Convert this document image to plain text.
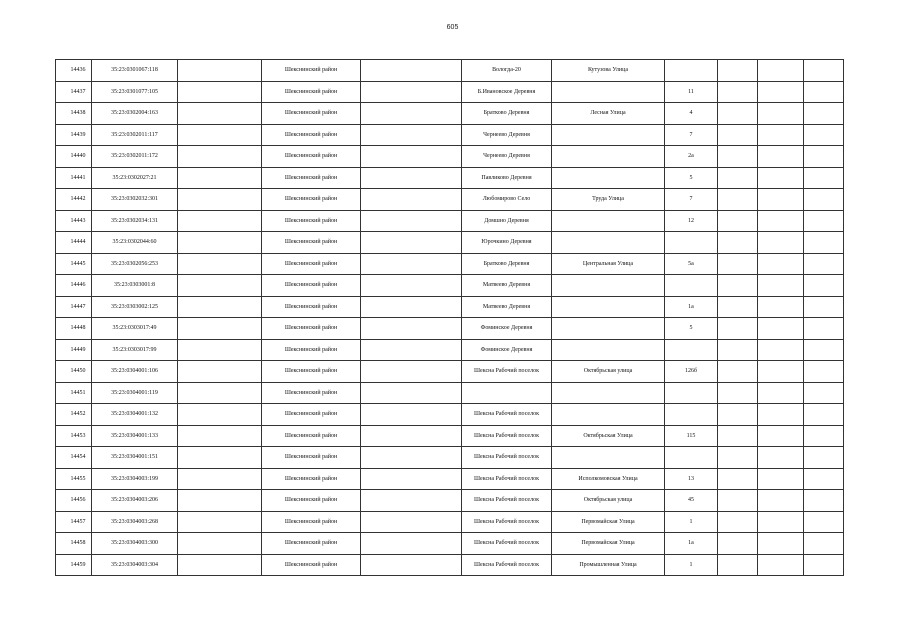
605
14436	35:23:0301067:118		Шекснинский район		Вологда-20	Кутузова Улица				
14437	35:23:0301077:105		Шекснинский район		Б.Ивановское Деревня		11			
14438	35:23:0302004:163		Шекснинский район		Братково Деревня	Лесная Улица	4			
14439	35:23:0302011:117		Шекснинский район		Чернеево Деревня		7			
14440	35:23:0302011:172		Шекснинский район		Чернеево Деревня		2а			
14441	35:23:0302027:21		Шекснинский район		Павликово Деревня		5			
14442	35:23:0302032:301		Шекснинский район		Любомирово Село	Труда Улица	7			
14443	35:23:0302034:131		Шекснинский район		Домшно Деревня		12			
14444	35:23:0302044:60		Шекснинский район		Юрочкино Деревня					
14445	35:23:0302056:253		Шекснинский район		Братково Деревня	Центральная Улица	5а			
14446	35:23:0303001:8		Шекснинский район		Матвеево Деревня					
14447	35:23:0303002:125		Шекснинский район		Матвеево Деревня		1а			
14448	35:23:0303017:49		Шекснинский район		Фоминское Деревня		5			
14449	35:23:0303017:99		Шекснинский район		Фоминское Деревня					
14450	35:23:0304001:106		Шекснинский район		Шексна Рабочий поселок	Октябрьская улица	126б			
14451	35:23:0304001:119		Шекснинский район							
14452	35:23:0304001:132		Шекснинский район		Шексна Рабочий поселок					
14453	35:23:0304001:133		Шекснинский район		Шексна Рабочий поселок	Октябрьская Улица	115			
14454	35:23:0304001:151		Шекснинский район		Шексна Рабочий поселок					
14455	35:23:0304003:199		Шекснинский район		Шексна Рабочий поселок	Исполкомовская Улица	13			
14456	35:23:0304003:206		Шекснинский район		Шексна Рабочий поселок	Октябрьская улица	45			
14457	35:23:0304003:268		Шекснинский район		Шексна Рабочий поселок	Первомайская Улица	1			
14458	35:23:0304003:300		Шекснинский район		Шексна Рабочий поселок	Первомайская Улица	1а			
14459	35:23:0304003:304		Шекснинский район		Шексна Рабочий поселок	Промышленная Улица	1			
